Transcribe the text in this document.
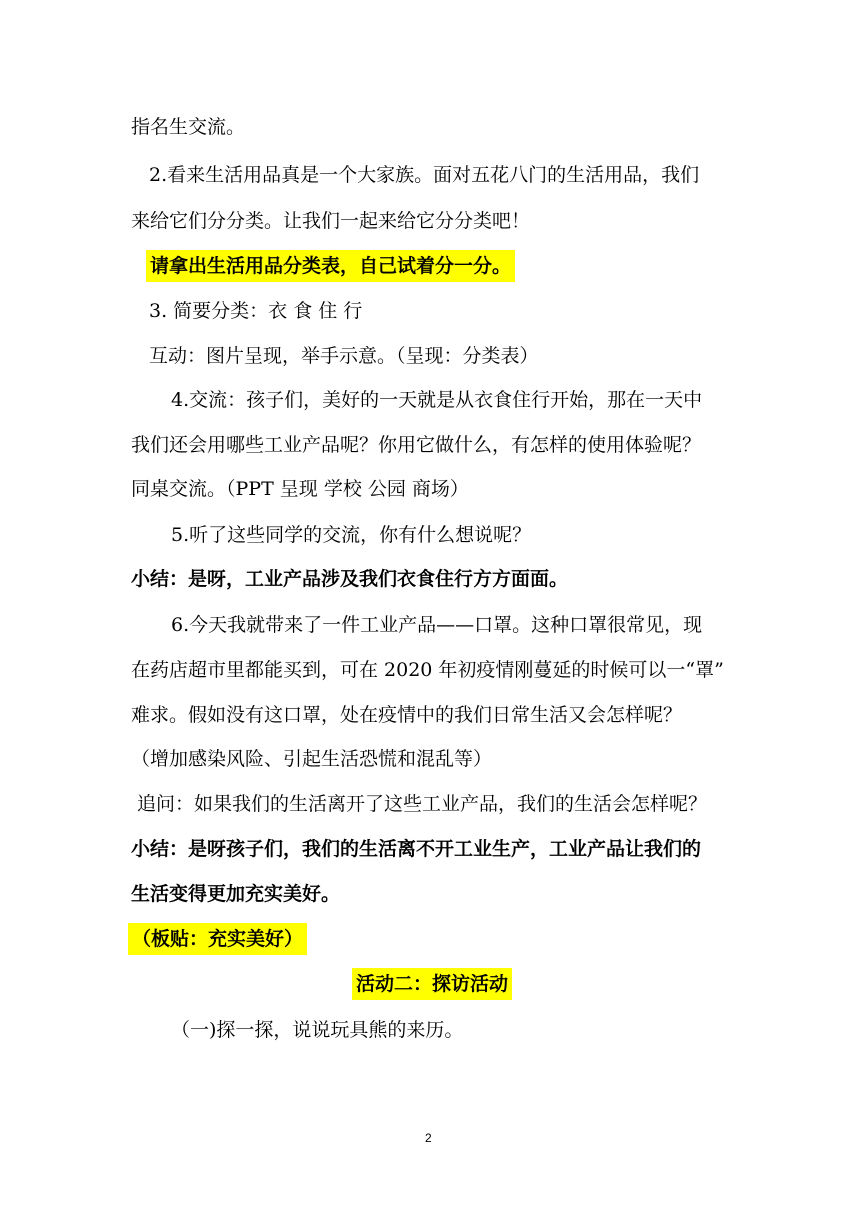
指名生交流。
2.看来生活用品真是一个大家族。面对五花八门的生活用品，我们
来给它们分分类。让我们一起来给它分分类吧！
请拿出生活用品分类表，自己试着分一分。
3. 简要分类：衣 食 住 行
互动：图片呈现，举手示意。（呈现：分类表）
4.交流：孩子们，美好的一天就是从衣食住行开始，那在一天中
我们还会用哪些工业产品呢？你用它做什么，有怎样的使用体验呢？
同桌交流。（PPT 呈现 学校 公园 商场）
5.听了这些同学的交流，你有什么想说呢？
小结：是呀，工业产品涉及我们衣食住行方方面面。
6.今天我就带来了一件工业产品——口罩。这种口罩很常见，现
在药店超市里都能买到，可在 2020 年初疫情刚蔓延的时候可以一“罩”
难求。假如没有这口罩，处在疫情中的我们日常生活又会怎样呢？
（增加感染风险、引起生活恐慌和混乱等）
追问：如果我们的生活离开了这些工业产品，我们的生活会怎样呢？
小结：是呀孩子们，我们的生活离不开工业生产，工业产品让我们的
生活变得更加充实美好。
（板贴：充实美好）
活动二：探访活动
（一)探一探，说说玩具熊的来历。
2
